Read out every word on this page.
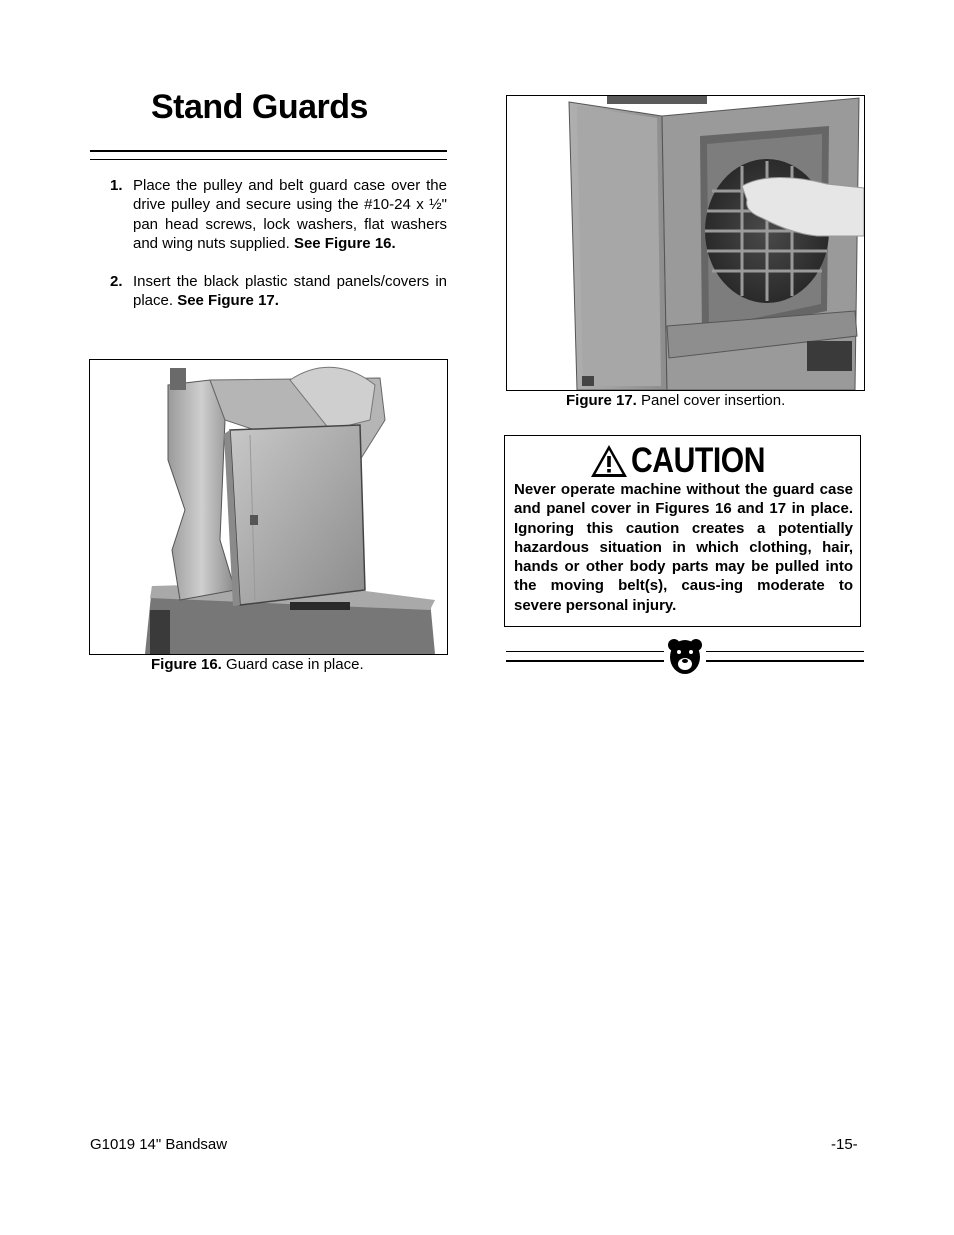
Stand Guards
1. Place the pulley and belt guard case over the drive pulley and secure using the #10-24 x ½" pan head screws, lock washers, flat washers and wing nuts supplied. See Figure 16.
2. Insert the black plastic stand panels/covers in place. See Figure 17.
Figure 16. Guard case in place.
Figure 17. Panel cover insertion.
CAUTION

Never operate machine without the guard case and panel cover in Figures 16 and 17 in place. Ignoring this caution creates a potentially hazardous situation in which clothing, hair, hands or other body parts may be pulled into the moving belt(s), caus-ing moderate to severe personal injury.

G1019 14" Bandsaw	-15-
